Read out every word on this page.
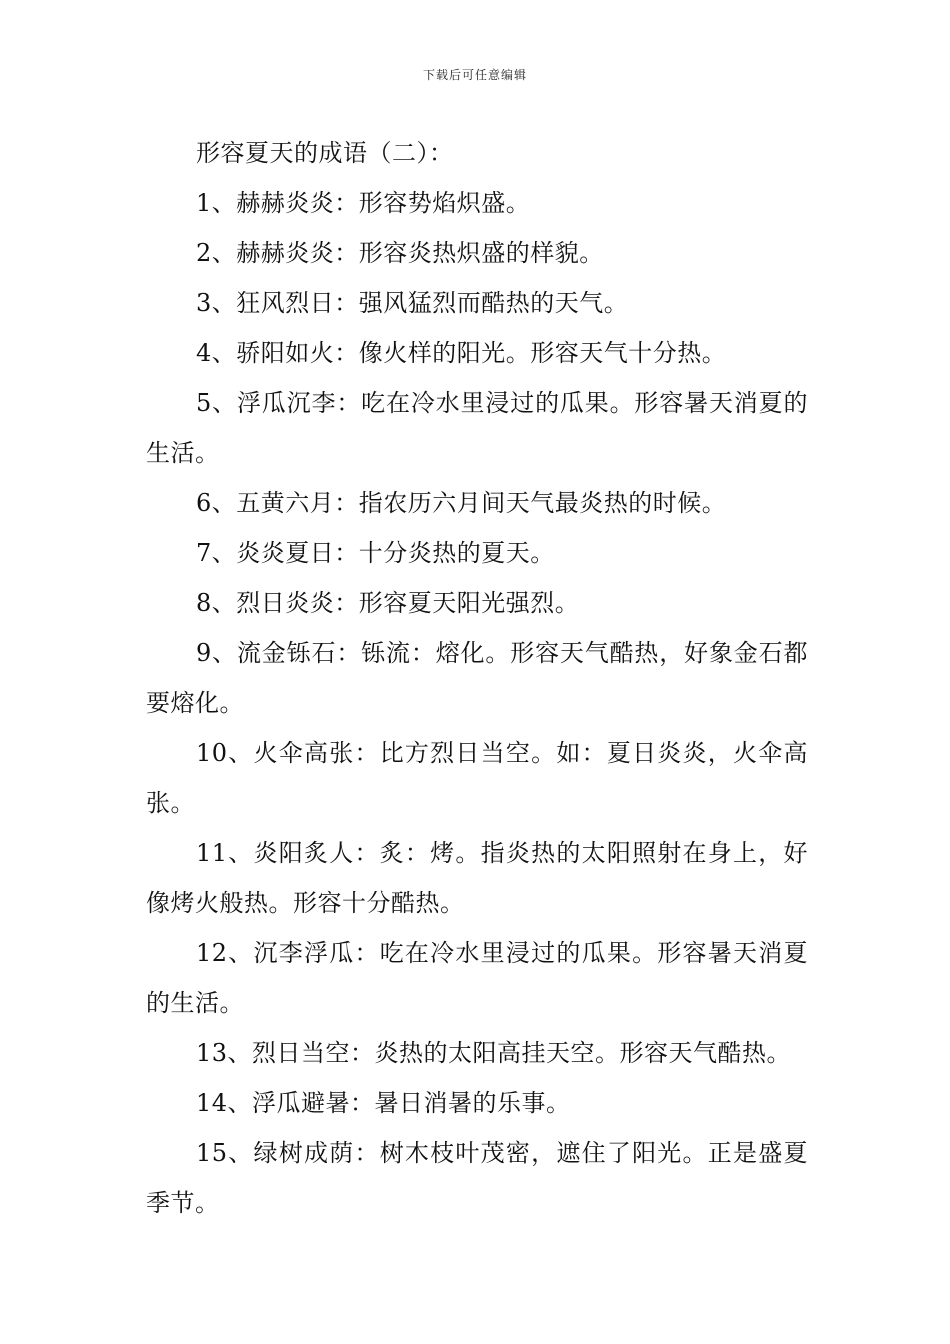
下载后可任意编辑

形容夏天的成语（二）：

1、赫赫炎炎：形容势焰炽盛。

2、赫赫炎炎：形容炎热炽盛的样貌。

3、狂风烈日：强风猛烈而酷热的天气。

4、骄阳如火：像火样的阳光。形容天气十分热。

5、浮瓜沉李：吃在冷水里浸过的瓜果。形容暑天消夏的生活。

6、五黄六月：指农历六月间天气最炎热的时候。

7、炎炎夏日：十分炎热的夏天。

8、烈日炎炎：形容夏天阳光强烈。

9、流金铄石：铄流：熔化。形容天气酷热，好象金石都要熔化。

10、火伞高张：比方烈日当空。如：夏日炎炎，火伞高张。

11、炎阳炙人：炙：烤。指炎热的太阳照射在身上，好像烤火般热。形容十分酷热。

12、沉李浮瓜：吃在冷水里浸过的瓜果。形容暑天消夏的生活。

13、烈日当空：炎热的太阳高挂天空。形容天气酷热。

14、浮瓜避暑：暑日消暑的乐事。

15、绿树成荫：树木枝叶茂密，遮住了阳光。正是盛夏季节。
